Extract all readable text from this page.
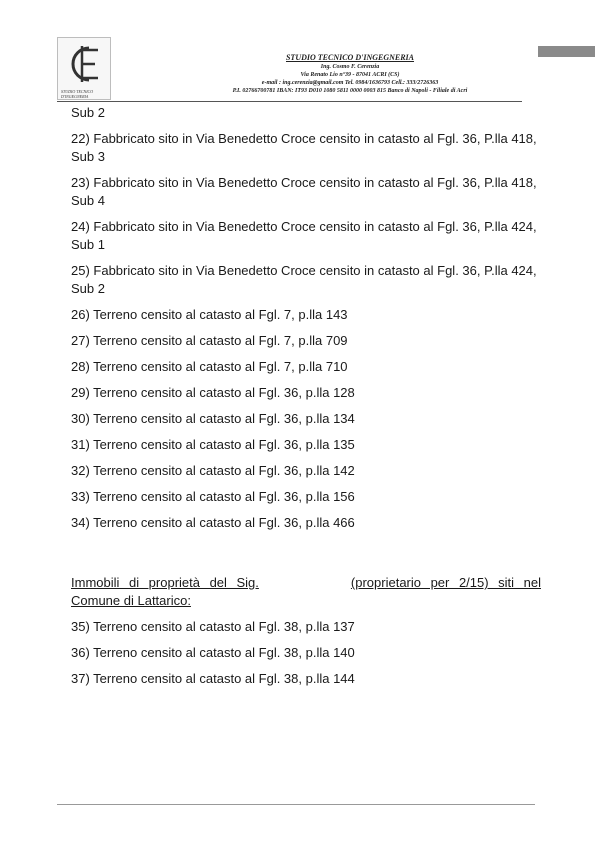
STUDIO TECNICO
D'INGEGNERIA
STUDIO TECNICO D'INGEGNERIA
Ing. Cosmo F. Cerenzia
Via Renato Lio n°39 - 87041 ACRI (CS)
e-mail : ing.cerenzia@gmail.com Tel. 0984/1636793 Cell.: 333/2726363
P.I. 02766700781 IBAN: IT93 D010 1080 5811 0000 0003 815 Banco di Napoli - Filiale di Acri
Sub 2
22) Fabbricato sito in Via Benedetto Croce censito in catasto al Fgl. 36, P.lla 418, Sub 3
23) Fabbricato sito in Via Benedetto Croce censito in catasto al Fgl. 36, P.lla 418, Sub 4
24) Fabbricato sito in Via Benedetto Croce censito in catasto al Fgl. 36, P.lla 424, Sub 1
25) Fabbricato sito in Via Benedetto Croce censito in catasto al Fgl. 36, P.lla 424, Sub 2
26) Terreno censito al catasto al Fgl. 7, p.lla 143
27) Terreno censito al catasto al Fgl. 7, p.lla 709
28) Terreno censito al catasto al Fgl. 7, p.lla 710
29) Terreno censito al catasto al Fgl. 36, p.lla 128
30) Terreno censito al catasto al Fgl. 36, p.lla 134
31) Terreno censito al catasto al Fgl. 36, p.lla 135
32) Terreno censito al catasto al Fgl. 36, p.lla 142
33) Terreno censito al catasto al Fgl. 36, p.lla 156
34) Terreno censito al catasto al Fgl. 36, p.lla 466
Immobili di proprietà del Sig.	(proprietario per 2/15) siti nel Comune di Lattarico:
35) Terreno censito al catasto al Fgl. 38, p.lla 137
36) Terreno censito al catasto al Fgl. 38, p.lla 140
37) Terreno censito al catasto al Fgl. 38, p.lla 144
